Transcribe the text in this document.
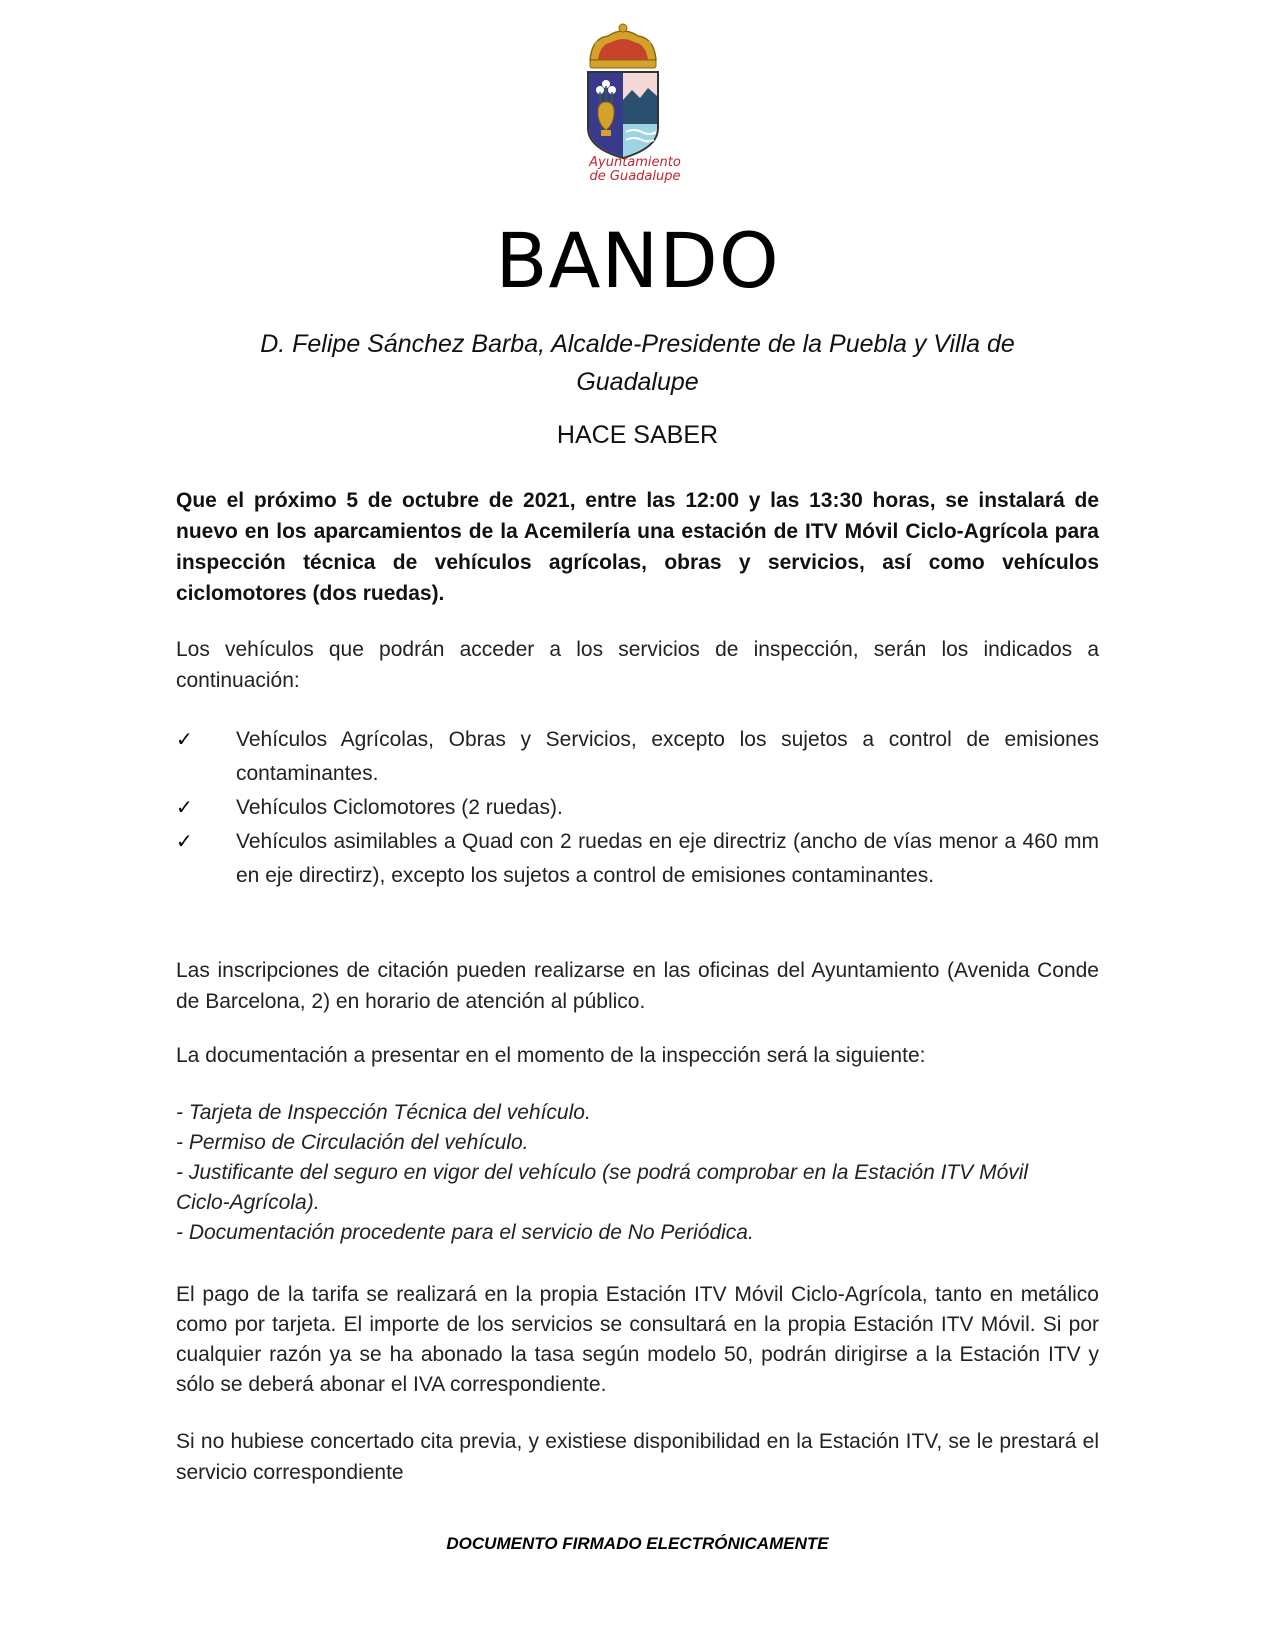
Ayuntamiento
de Guadalupe
BANDO
D. Felipe Sánchez Barba, Alcalde-Presidente de la Puebla y Villa de Guadalupe
HACE SABER
Que el próximo 5 de octubre de 2021, entre las 12:00 y las 13:30 horas, se instalará de nuevo en los aparcamientos de la Acemilería una estación de ITV Móvil Ciclo-Agrícola para inspección técnica de vehículos agrícolas, obras y servicios, así como vehículos ciclomotores (dos ruedas).
Los vehículos que podrán acceder a los servicios de inspección, serán los indicados a continuación:
✓ Vehículos Agrícolas, Obras y Servicios, excepto los sujetos a control de emisiones contaminantes.
✓ Vehículos Ciclomotores (2 ruedas).
✓ Vehículos asimilables a Quad con 2 ruedas en eje directriz (ancho de vías menor a 460 mm en eje directirz), excepto los sujetos a control de emisiones contaminantes.
Las inscripciones de citación pueden realizarse en las oficinas del Ayuntamiento (Avenida Conde de Barcelona, 2) en horario de atención al público.
La documentación a presentar en el momento de la inspección será la siguiente:
- Tarjeta de Inspección Técnica del vehículo.
- Permiso de Circulación del vehículo.
- Justificante del seguro en vigor del vehículo (se podrá comprobar en la Estación ITV Móvil Ciclo-Agrícola).
- Documentación procedente para el servicio de No Periódica.
El pago de la tarifa se realizará en la propia Estación ITV Móvil Ciclo-Agrícola, tanto en metálico como por tarjeta. El importe de los servicios se consultará en la propia Estación ITV Móvil. Si por cualquier razón ya se ha abonado la tasa según modelo 50, podrán dirigirse a la Estación ITV y sólo se deberá abonar el IVA correspondiente.
Si no hubiese concertado cita previa, y existiese disponibilidad en la Estación ITV, se le prestará el servicio correspondiente
DOCUMENTO FIRMADO ELECTRÓNICAMENTE
